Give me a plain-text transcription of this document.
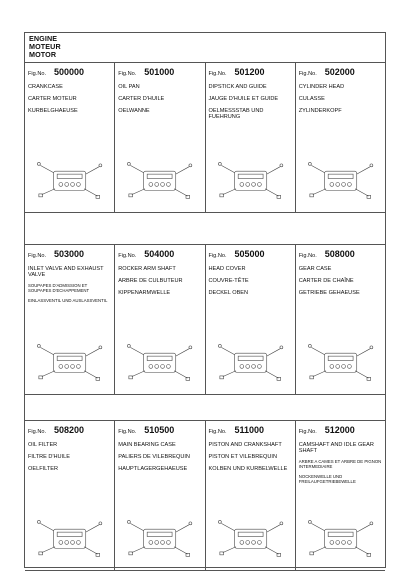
ENGINE
MOTEUR
MOTOR
Fig.No. 500000
CRANKCASE
CARTER MOTEUR
KURBELGHAEUSE
Fig.No. 501000
OIL PAN
CARTER D'HUILE
OELWANNE
Fig.No. 501200
DIPSTICK AND GUIDE
JAUGE D'HUILE ET GUIDE
OELMESSSTAB UND FUEHRUNG
Fig.No. 502000
CYLINDER HEAD
CULASSE
ZYLINDERKOPF
Fig.No. 503000
INLET VALVE AND EXHAUST VALVE
SOUPAPES D'ADMISSION ET SOUPAPES D'ECHAPPEMENT
EINLASSVENTIL UND AUSLASSVENTIL
Fig.No. 504000
ROCKER ARM SHAFT
ARBRE DE CULBUTEUR
KIPPENARMWELLE
Fig.No. 505000
HEAD COVER
COUVRE-TÊTE
DECKEL OBEN
Fig.No. 508000
GEAR CASE
CARTER DE CHAÎNE
GETRIEBE GEHAEUSE
Fig.No. 508200
OIL FILTER
FILTRE D'HUILE
OELFILTER
Fig.No. 510500
MAIN BEARING CASE
PALIERS DE VILEBREQUIN
HAUPTLAGERGEHAEUSE
Fig.No. 511000
PISTON AND CRANKSHAFT
PISTON ET VILEBREQUIN
KOLBEN UND KURBELWELLE
Fig.No. 512000
CAMSHAFT AND IDLE GEAR SHAFT
ARBRE A CAMES ET ARBRE DE PIGNON INTERMEDIAIRE
NOCKENWELLE UND FREILAUFGETRIEBEWELLE
